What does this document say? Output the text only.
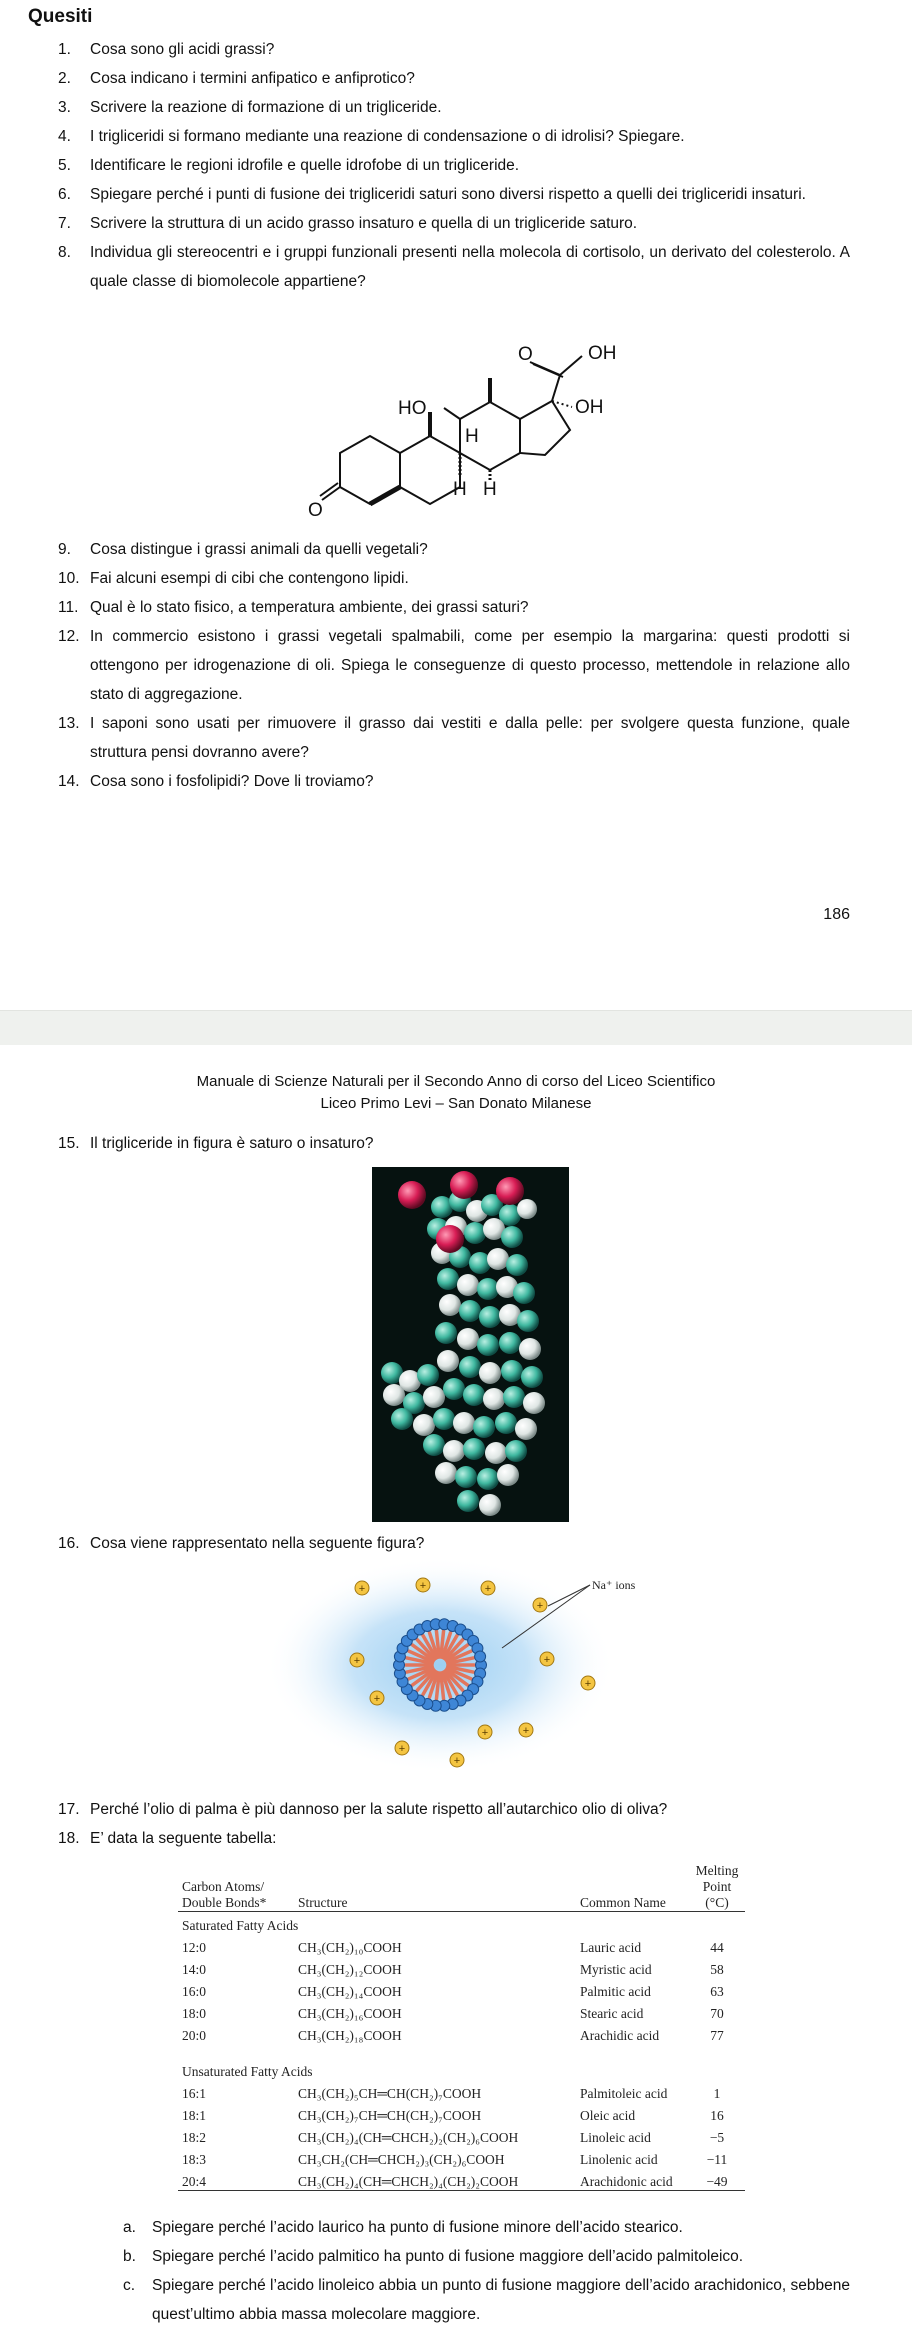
Quesiti
1. Cosa sono gli acidi grassi?
2. Cosa indicano i termini anfipatico e anfiprotico?
3. Scrivere la reazione di formazione di un trigliceride.
4. I trigliceridi si formano mediante una reazione di condensazione o di idrolisi? Spiegare.
5. Identificare le regioni idrofile e quelle idrofobe di un trigliceride.
6. Spiegare perché i punti di fusione dei trigliceridi saturi sono diversi rispetto a quelli dei trigliceridi insaturi.
7. Scrivere la struttura di un acido grasso insaturo e quella di un trigliceride saturo.
8. Individua gli stereocentri e i gruppi funzionali presenti nella molecola di cortisolo, un derivato del colesterolo. A quale classe di biomolecole appartiene?
OH
O
HO	OH
H
H H
O
9. Cosa distingue i grassi animali da quelli vegetali?
10. Fai alcuni esempi di cibi che contengono lipidi.
11. Qual è lo stato fisico, a temperatura ambiente, dei grassi saturi?
12. In commercio esistono i grassi vegetali spalmabili, come per esempio la margarina: questi prodotti si ottengono per idrogenazione di oli. Spiega le conseguenze di questo processo, mettendole in relazione allo stato di aggregazione.
13. I saponi sono usati per rimuovere il grasso dai vestiti e dalla pelle: per svolgere questa funzione, quale struttura pensi dovranno avere?
14. Cosa sono i fosfolipidi? Dove li troviamo?
186
Manuale di Scienze Naturali per il Secondo Anno di corso del Liceo Scientifico
Liceo Primo Levi – San Donato Milanese
15. Il trigliceride in figura è saturo o insaturo?
16. Cosa viene rappresentato nella seguente figura?
+	+	+
+
+	+
+
+
+
+	+
+
Na⁺ ions
17. Perché l’olio di palma è più dannoso per la salute rispetto all’autarchico olio di oliva?
18. E’ data la seguente tabella:
Carbon Atoms/ Double Bonds*	Structure	Common Name	Melting Point (°C)
Saturated Fatty Acids			
12:0	CH₃(CH₂)₁₀COOH	Lauric acid	44
14:0	CH₃(CH₂)₁₂COOH	Myristic acid	58
16:0	CH₃(CH₂)₁₄COOH	Palmitic acid	63
18:0	CH₃(CH₂)₁₆COOH	Stearic acid	70
20:0	CH₃(CH₂)₁₈COOH	Arachidic acid	77
Unsaturated Fatty Acids			
16:1	CH₃(CH₂)₅CH═CH(CH₂)₇COOH	Palmitoleic acid	1
18:1	CH₃(CH₂)₇CH═CH(CH₂)₇COOH	Oleic acid	16
18:2	CH₃(CH₂)₄(CH═CHCH₂)₂(CH₂)₆COOH	Linoleic acid	−5
18:3	CH₃CH₂(CH═CHCH₂)₃(CH₂)₆COOH	Linolenic acid	−11
20:4	CH₃(CH₂)₄(CH═CHCH₂)₄(CH₂)₂COOH	Arachidonic acid	−49
a. Spiegare perché l’acido laurico ha punto di fusione minore dell’acido stearico.
b. Spiegare perché l’acido palmitico ha punto di fusione maggiore dell’acido palmitoleico.
c. Spiegare perché l’acido linoleico abbia un punto di fusione maggiore dell’acido arachidonico, sebbene quest’ultimo abbia massa molecolare maggiore.
